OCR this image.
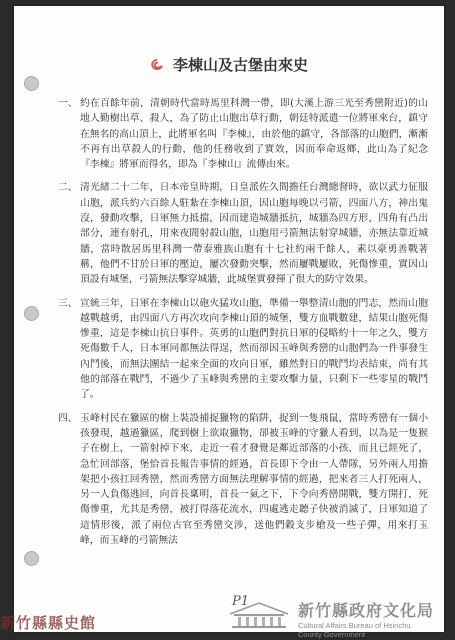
李棟山及古堡由來史
一、 約在百餘年前，清朝時代當時馬里科灣一帶，即(大溪上游三光至秀巒附近)的山地人勤樹出草、殺人，為了防止山胞出草行動，朝廷特派遣一位將軍來台，鎮守在無名的高山頂上，此將軍名叫『李棟』，由於他的鎮守，各部落的山胞們，漸漸不再有出草殺人的行動，他的任務收到了實效，因而奉命返鄉，此山為了紀念『李棟』將軍而得名，即為『李棟山』流傳由來。
二、 清光緒二十二年，日本帝皇時期，日皇派佐久間擔任台灣總督時，欲以武力征服山胞，派兵約六百餘人駐紮在李棟山頂，因山胞每晚以弓箭，四面八方，神出鬼沒，發動攻擊，日軍無力抵擋，因而建造城牆抵抗，城牆為四方形，四角有凸出部分，連有射孔，用來夜間射殺山胞，山胞用弓箭無法射穿城牆，亦無法靠近城牆，當時散居馬里科灣一帶泰雅族山胞有十七社約兩千餘人，素以豪勇善戰著稱，他們不甘於日軍的壓迫，屢次發動突擊，然而屢戰屢敗，死傷慘重，實因山頂設有城堡，弓箭無法擊穿城牆，此城堡實發揮了很大的防守效果。
三、 宣統三年，日軍在李棟山以砲火猛攻山胞，準備一舉整清山胞的門志，然而山胞越戰越勇，由四面八方再次攻向李棟山頂的城堡，雙方血戰數建，結果山胞死傷慘重，這是李棟山抗日事件。英勇的山胞們對抗日軍的侵略約十一年之久，雙方死傷數千人，日本軍同都無法得逞，然而卻因玉峰與秀巒的山胞們為一件事發生內鬥後，而無法團結一起來全面的攻向日軍，雖然對日的戰鬥均表結束，尚有其他的部落在戰鬥，不過少了玉峰與秀巒的主要攻擊力量，只剩下一些零星的戰鬥了。
四、 玉峰村民在獵區的樹上裝設捕捉獵物的陷阱，捉到一隻飛鼠，當時秀巒有一個小孩發現，越過獵區，爬到樹上欲取獵物，卻被玉峰的守獵人看到，以為是一隻猴子在樹上，一箭射掉下來，走近一看才發覺是鄰近部落的小孩，而且已經死了，急忙回部落，堡恰首長報告事情的經過，首長即下令由一人帶隊，另外兩人用擔架把小孩扛回秀巒，然而秀巒方面無法理解事情的經過，把來者三人打死兩人，另一人負傷逃回，向首長稟明，首長一氣之下，下令向秀巒開戰，雙方開打，死傷慘重，尤其是秀巒，被打得落花流水，四處逃走聽子快被消滅了，日軍知道了這情形後，派了兩位古官至秀巒交涉，送他們穀支步槍及一些子彈，用來打玉峰，而玉峰的弓箭無法
P1	新竹縣政府文化局
Cultural Affairs Bureau of Hsinchu
County Government
新竹縣縣史館
